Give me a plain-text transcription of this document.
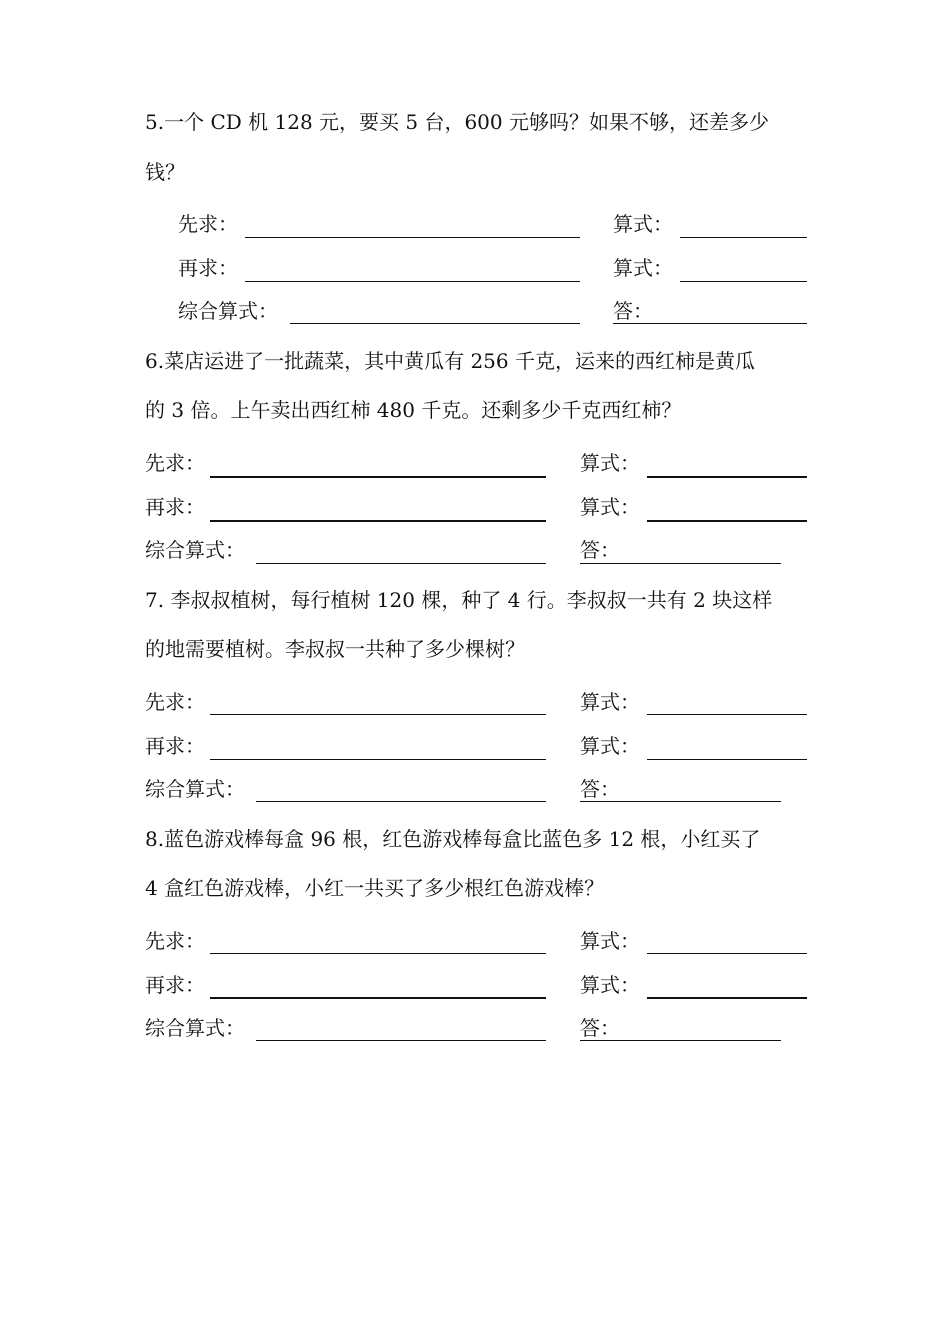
5.一个 CD 机 128 元，要买 5 台，600 元够吗？如果不够，还差多少
钱？
先求：	算式：
再求：	算式：
综合算式：	答：
6.菜店运进了一批蔬菜，其中黄瓜有 256 千克，运来的西红柿是黄瓜
的 3 倍。上午卖出西红柿 480 千克。还剩多少千克西红柿？
先求：	算式：
再求：	算式：
综合算式：	答：
7. 李叔叔植树，每行植树 120 棵，种了 4 行。李叔叔一共有 2 块这样
的地需要植树。李叔叔一共种了多少棵树？
先求：	算式：
再求：	算式：
综合算式：	答：
8.蓝色游戏棒每盒 96 根，红色游戏棒每盒比蓝色多 12 根，小红买了
4 盒红色游戏棒，小红一共买了多少根红色游戏棒？
先求：	算式：
再求：	算式：
综合算式：	答：
